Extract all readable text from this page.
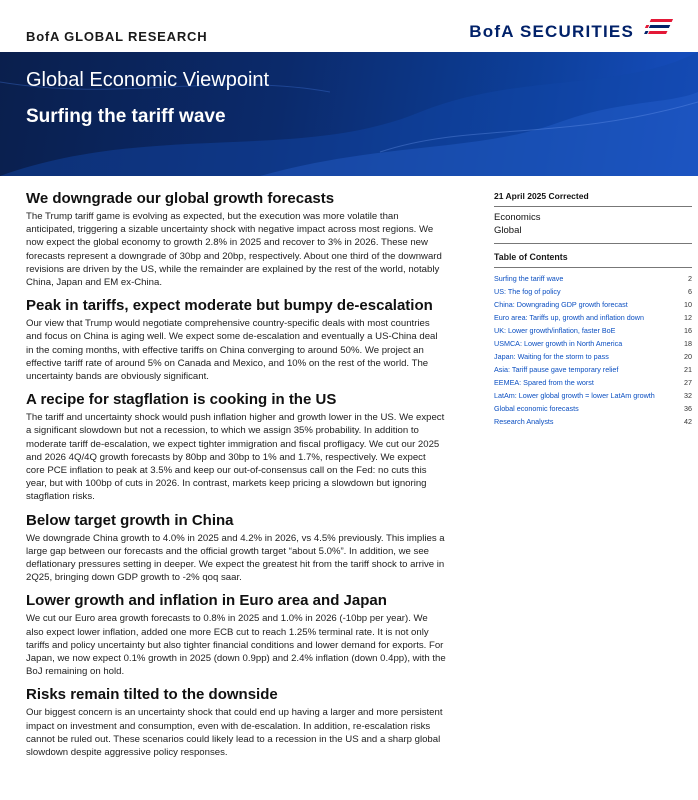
BofA GLOBAL RESEARCH	BofA SECURITIES
Global Economic Viewpoint
Surfing the tariff wave
We downgrade our global growth forecasts

The Trump tariff game is evolving as expected, but the execution was more volatile than anticipated, triggering a sizable uncertainty shock with negative impact across most regions. We now expect the global economy to growth 2.8% in 2025 and recover to 3% in 2026. These new forecasts represent a downgrade of 30bp and 20bp, respectively. About one third of the downward revisions are driven by the US, while the remainder are explained by the rest of the world, notably China, Japan and EM ex-China.

Peak in tariffs, expect moderate but bumpy de-escalation

Our view that Trump would negotiate comprehensive country-specific deals with most countries and focus on China is aging well. We expect some de-escalation and eventually a US-China deal in the coming months, with effective tariffs on China converging to around 50%. We project an effective tariff rate of around 5% on Canada and Mexico, and 10% on the rest of the world. The uncertainty bands are obviously significant.

A recipe for stagflation is cooking in the US

The tariff and uncertainty shock would push inflation higher and growth lower in the US. We expect a significant slowdown but not a recession, to which we assign 35% probability. In addition to moderate tariff de-escalation, we expect tighter immigration and fiscal profligacy. We cut our 2025 and 2026 4Q/4Q growth forecasts by 80bp and 30bp to 1% and 1.7%, respectively. We expect core PCE inflation to peak at 3.5% and keep our out-of-consensus call on the Fed: no cuts this year, but with 100bp of cuts in 2026. In contrast, markets keep pricing a slowdown but ignoring stagflation risks.

Below target growth in China

We downgrade China growth to 4.0% in 2025 and 4.2% in 2026, vs 4.5% previously. This implies a large gap between our forecasts and the official growth target “about 5.0%”. In addition, we see deflationary pressures setting in deeper. We expect the greatest hit from the tariff shock to arrive in 2Q25, bringing down GDP growth to -2% qoq saar.

Lower growth and inflation in Euro area and Japan

We cut our Euro area growth forecasts to 0.8% in 2025 and 1.0% in 2026 (-10bp per year). We also expect lower inflation, added one more ECB cut to reach 1.25% terminal rate. It is not only tariffs and policy uncertainty but also tighter financial conditions and lower demand for exports. For Japan, we now expect 0.1% growth in 2025 (down 0.9pp) and 2.4% inflation (down 0.4pp), with the BoJ remaining on hold.

Risks remain tilted to the downside

Our biggest concern is an uncertainty shock that could end up having a larger and more persistent impact on investment and consumption, even with de-escalation. In addition, re-escalation risks cannot be ruled out. These scenarios could likely lead to a recession in the US and a sharp global slowdown despite aggressive policy responses.

21 April 2025 Corrected
Economics
Global
Table of Contents
Surfing the tariff wave	2
US: The fog of policy	6
China: Downgrading GDP growth forecast	10
Euro area: Tariffs up, growth and inflation down	12
UK: Lower growth/inflation, faster BoE	16
USMCA: Lower growth in North America	18
Japan: Waiting for the storm to pass	20
Asia: Tariff pause gave temporary relief	21
EEMEA: Spared from the worst	27
LatAm: Lower global growth = lower LatAm growth	32
Global economic forecasts	36
Research Analysts	42
